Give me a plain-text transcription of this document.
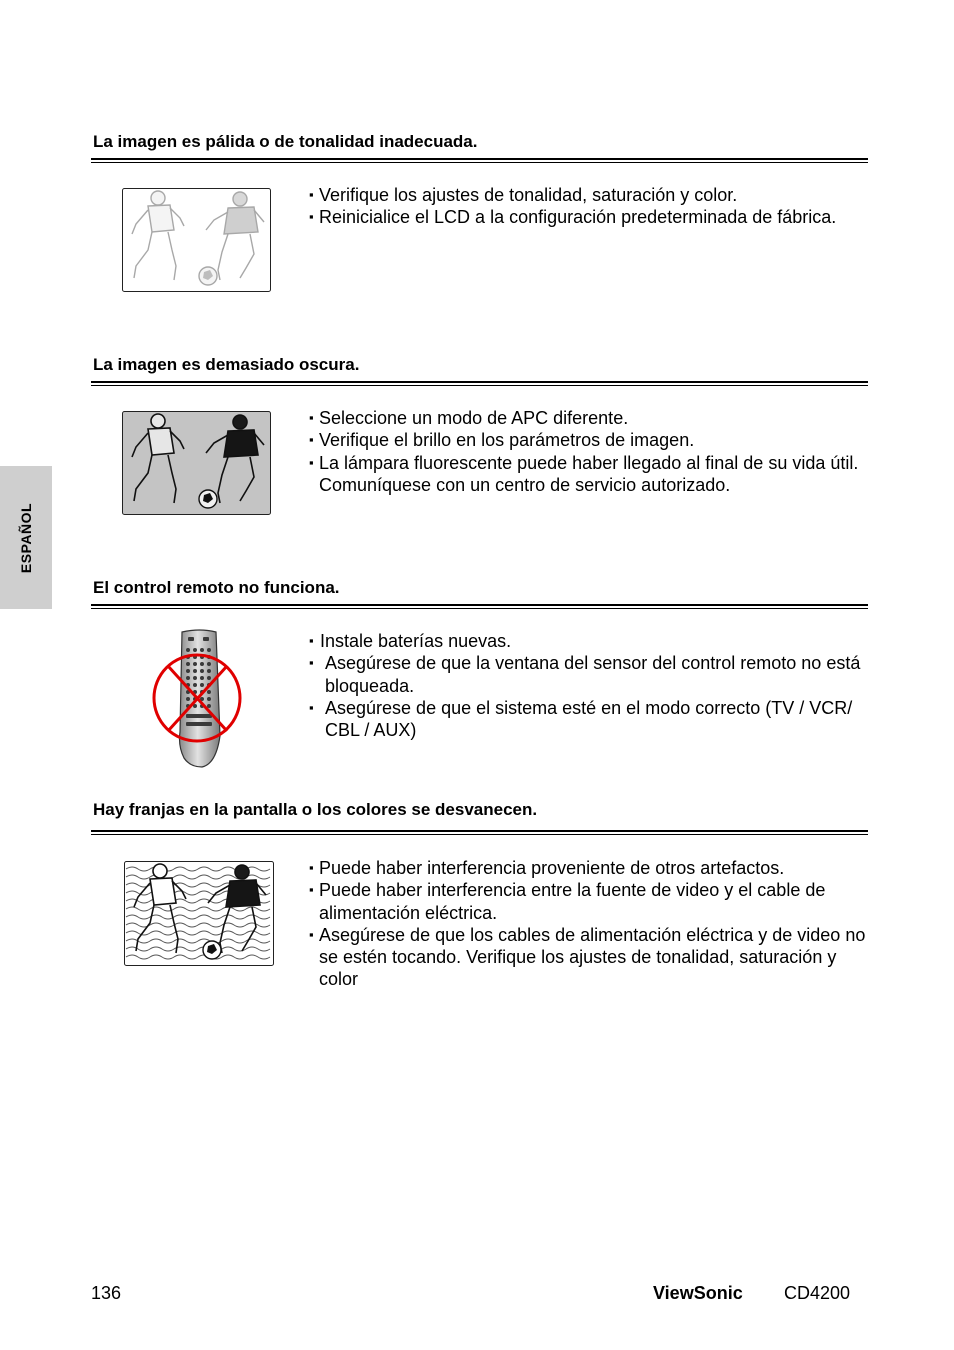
ESPAÑOL
La imagen es pálida o de tonalidad inadecuada.
▪ Verifique los ajustes de tonalidad, saturación y color.
▪ Reinicialice el LCD a la configuración predeterminada de fábrica.
La imagen es demasiado oscura.
▪ Seleccione un modo de APC diferente.
▪ Verifique el brillo en los parámetros de imagen.
▪ La lámpara fluorescente puede haber llegado al final de su vida útil. Comuníquese con un centro de servicio autorizado.
El control remoto no funciona.
▪ Instale baterías nuevas.
▪ Asegúrese de que la ventana del sensor del control remoto no está bloqueada.
▪ Asegúrese de que el sistema esté en el modo correcto (TV / VCR/ CBL / AUX)
Hay franjas en la pantalla o los colores se desvanecen.
▪ Puede haber interferencia proveniente de otros artefactos.
▪ Puede haber interferencia entre la fuente de video y el cable de alimentación eléctrica.
▪ Asegúrese de que los cables de alimentación eléctrica y de video no se estén tocando. Verifique los ajustes de tonalidad, saturación y color
136	ViewSonic CD4200
